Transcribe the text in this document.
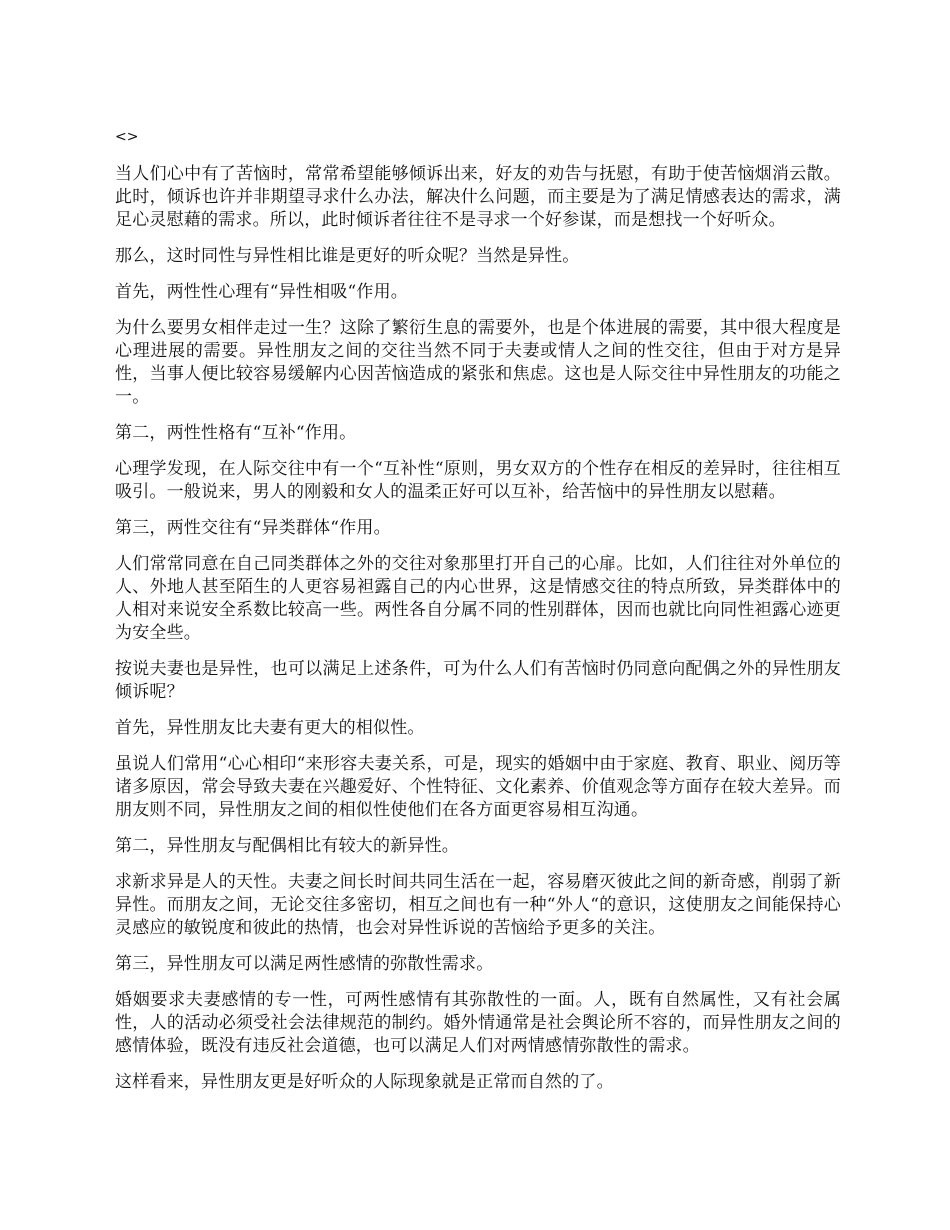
<>

当人们心中有了苦恼时，常常希望能够倾诉出来，好友的劝告与抚慰，有助于使苦恼烟消云散。此时，倾诉也许并非期望寻求什么办法，解决什么问题，而主要是为了满足情感表达的需求，满足心灵慰藉的需求。所以，此时倾诉者往往不是寻求一个好参谋，而是想找一个好听众。

那么，这时同性与异性相比谁是更好的听众呢？当然是异性。

首先，两性性心理有“异性相吸“作用。

为什么要男女相伴走过一生？这除了繁衍生息的需要外，也是个体进展的需要，其中很大程度是心理进展的需要。异性朋友之间的交往当然不同于夫妻或情人之间的性交往，但由于对方是异性，当事人便比较容易缓解内心因苦恼造成的紧张和焦虑。这也是人际交往中异性朋友的功能之一。

第二，两性性格有“互补“作用。

心理学发现，在人际交往中有一个“互补性“原则，男女双方的个性存在相反的差异时，往往相互吸引。一般说来，男人的刚毅和女人的温柔正好可以互补，给苦恼中的异性朋友以慰藉。

第三，两性交往有“异类群体“作用。

人们常常同意在自己同类群体之外的交往对象那里打开自己的心扉。比如，人们往往对外单位的人、外地人甚至陌生的人更容易袒露自己的内心世界，这是情感交往的特点所致，异类群体中的人相对来说安全系数比较高一些。两性各自分属不同的性别群体，因而也就比向同性袒露心迹更为安全些。

按说夫妻也是异性，也可以满足上述条件，可为什么人们有苦恼时仍同意向配偶之外的异性朋友倾诉呢？

首先，异性朋友比夫妻有更大的相似性。

虽说人们常用“心心相印“来形容夫妻关系，可是，现实的婚姻中由于家庭、教育、职业、阅历等诸多原因，常会导致夫妻在兴趣爱好、个性特征、文化素养、价值观念等方面存在较大差异。而朋友则不同，异性朋友之间的相似性使他们在各方面更容易相互沟通。

第二，异性朋友与配偶相比有较大的新异性。

求新求异是人的天性。夫妻之间长时间共同生活在一起，容易磨灭彼此之间的新奇感，削弱了新异性。而朋友之间，无论交往多密切，相互之间也有一种“外人“的意识，这使朋友之间能保持心灵感应的敏锐度和彼此的热情，也会对异性诉说的苦恼给予更多的关注。

第三，异性朋友可以满足两性感情的弥散性需求。

婚姻要求夫妻感情的专一性，可两性感情有其弥散性的一面。人，既有自然属性，又有社会属性，人的活动必须受社会法律规范的制约。婚外情通常是社会舆论所不容的，而异性朋友之间的感情体验，既没有违反社会道德，也可以满足人们对两情感情弥散性的需求。

这样看来，异性朋友更是好听众的人际现象就是正常而自然的了。
